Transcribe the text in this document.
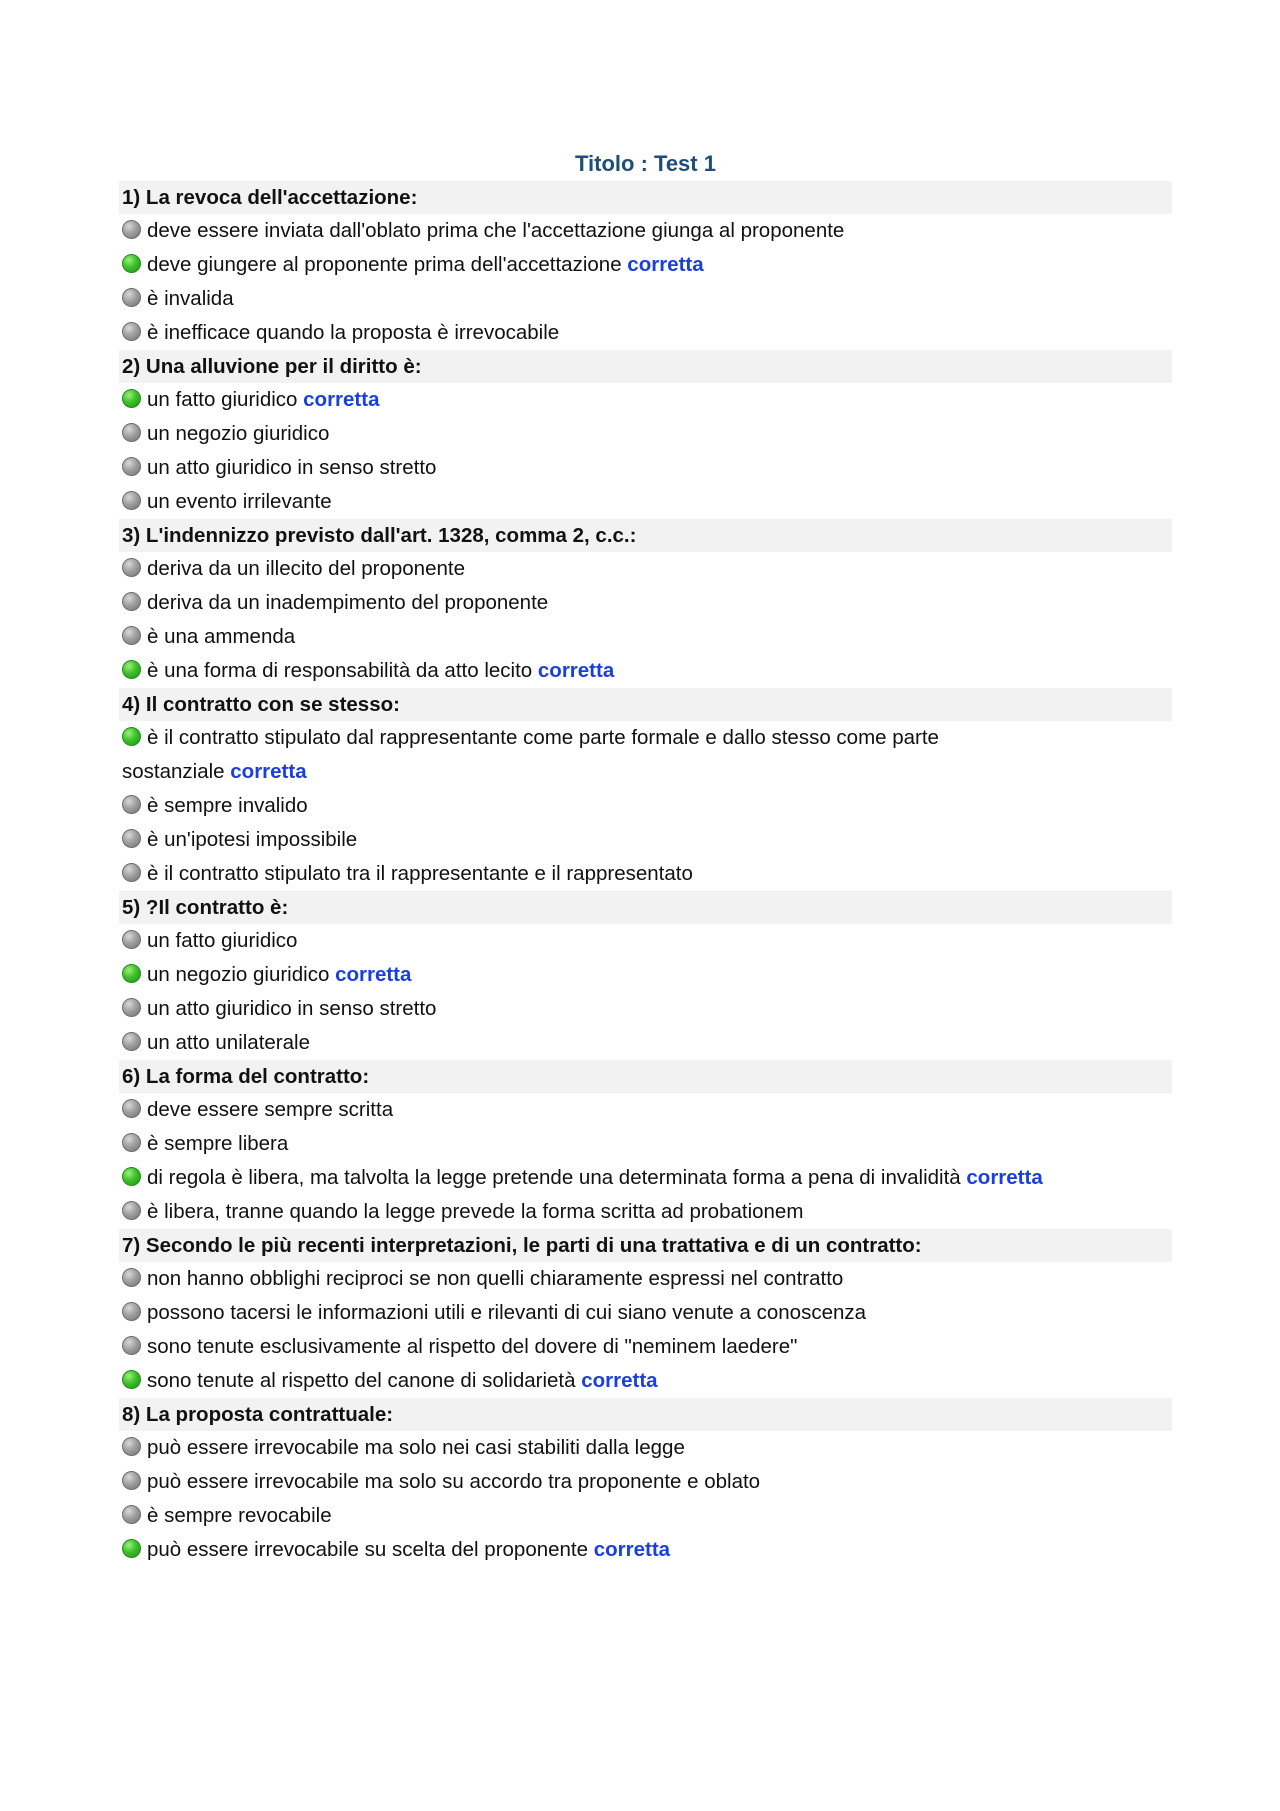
Titolo : Test 1
1) La revoca dell'accettazione:
deve essere inviata dall'oblato prima che l'accettazione giunga al proponente
deve giungere al proponente prima dell'accettazione corretta
è invalida
è inefficace quando la proposta è irrevocabile
2) Una alluvione per il diritto è:
un fatto giuridico corretta
un negozio giuridico
un atto giuridico in senso stretto
un evento irrilevante
3) L'indennizzo previsto dall'art. 1328, comma 2, c.c.:
deriva da un illecito del proponente
deriva da un inadempimento del proponente
è una ammenda
è una forma di responsabilità da atto lecito corretta
4) Il contratto con se stesso:
è il contratto stipulato dal rappresentante come parte formale e dallo stesso come parte sostanziale corretta
è sempre invalido
è un'ipotesi impossibile
è il contratto stipulato tra il rappresentante e il rappresentato
5) ?Il contratto è:
un fatto giuridico
un negozio giuridico corretta
un atto giuridico in senso stretto
un atto unilaterale
6) La forma del contratto:
deve essere sempre scritta
è sempre libera
di regola è libera, ma talvolta la legge pretende una determinata forma a pena di invalidità corretta
è libera, tranne quando la legge prevede la forma scritta ad probationem
7) Secondo le più recenti interpretazioni, le parti di una trattativa e di un contratto:
non hanno obblighi reciproci se non quelli chiaramente espressi nel contratto
possono tacersi le informazioni utili e rilevanti di cui siano venute a conoscenza
sono tenute esclusivamente al rispetto del dovere di "neminem laedere"
sono tenute al rispetto del canone di solidarietà corretta
8) La proposta contrattuale:
può essere irrevocabile ma solo nei casi stabiliti dalla legge
può essere irrevocabile ma solo su accordo tra proponente e oblato
è sempre revocabile
può essere irrevocabile su scelta del proponente corretta
